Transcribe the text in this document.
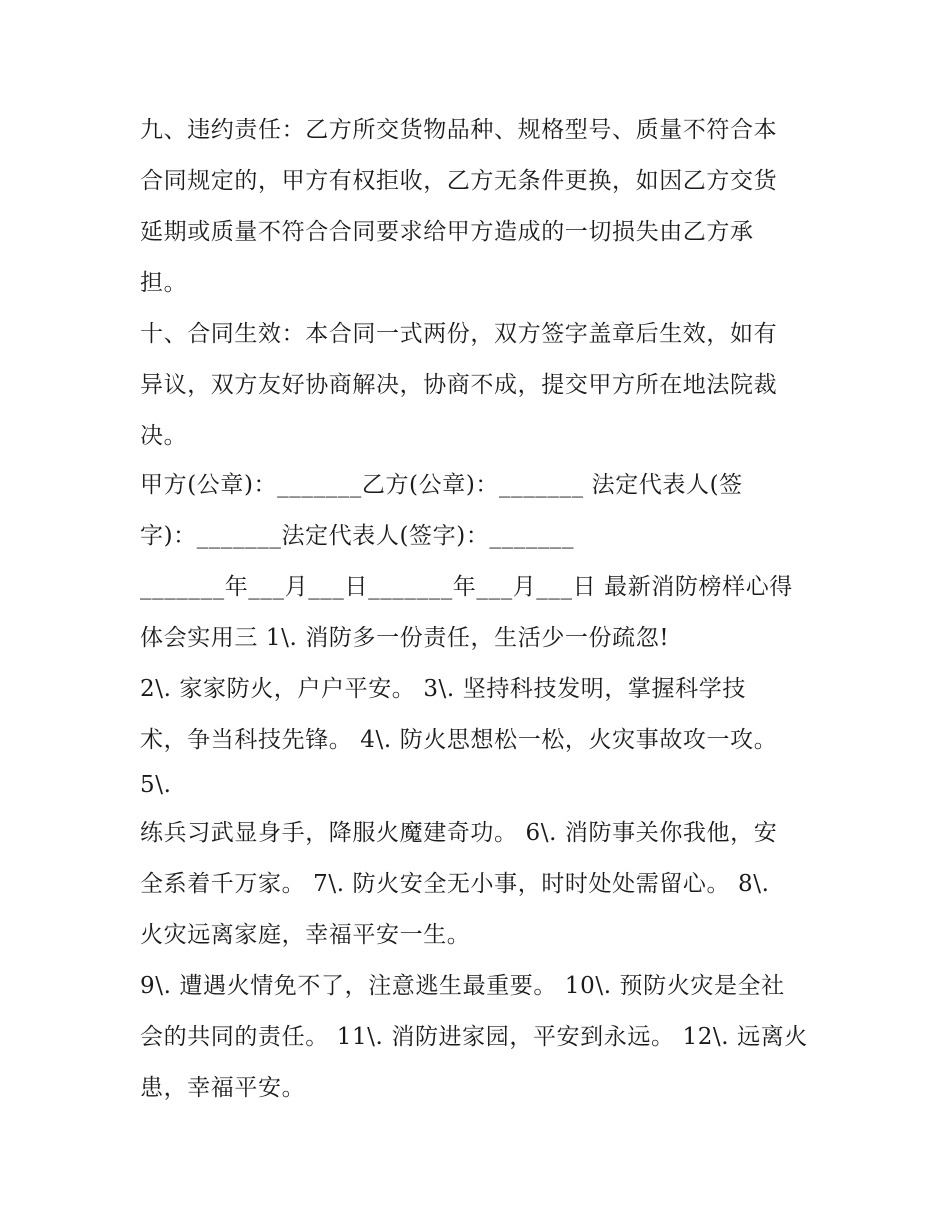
九、违约责任：乙方所交货物品种、规格型号、质量不符合本
合同规定的，甲方有权拒收，乙方无条件更换，如因乙方交货
延期或质量不符合合同要求给甲方造成的一切损失由乙方承
担。
十、合同生效：本合同一式两份，双方签字盖章后生效，如有
异议，双方友好协商解决，协商不成，提交甲方所在地法院裁
决。
甲方(公章)：_______乙方(公章)：_______ 法定代表人(签
字)：_______法定代表人(签字)：_______
_______年___月___日_______年___月___日 最新消防榜样心得
体会实用三 1\. 消防多一份责任，生活少一份疏忽!
2\. 家家防火，户户平安。 3\. 坚持科技发明，掌握科学技
术，争当科技先锋。 4\. 防火思想松一松，火灾事故攻一攻。
5\.
练兵习武显身手，降服火魔建奇功。 6\. 消防事关你我他，安
全系着千万家。 7\. 防火安全无小事，时时处处需留心。 8\.
火灾远离家庭，幸福平安一生。
9\. 遭遇火情免不了，注意逃生最重要。 10\. 预防火灾是全社
会的共同的责任。 11\. 消防进家园，平安到永远。 12\. 远离火
患，幸福平安。
